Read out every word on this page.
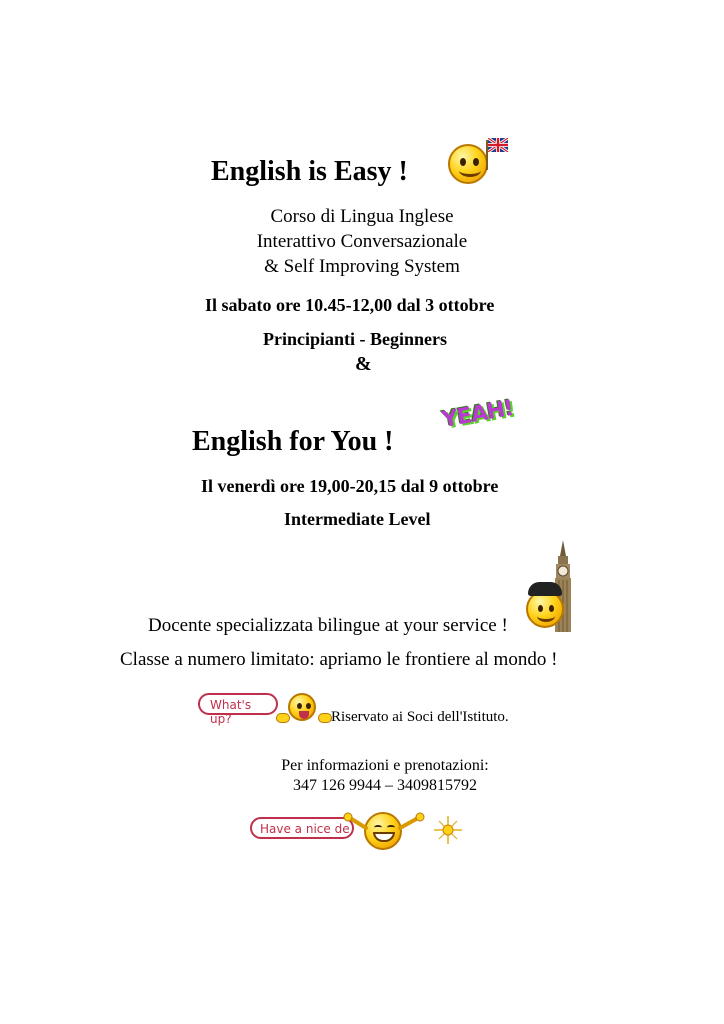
English is Easy !
Corso di Lingua Inglese
Interattivo Conversazionale
& Self Improving System
Il sabato ore 10.45-12,00 dal 3 ottobre
Principianti - Beginners
&
English for You !
YEAH!
Il venerdì ore 19,00-20,15 dal 9 ottobre
Intermediate Level
Docente specializzata bilingue at your service !
Classe a numero limitato: apriamo le frontiere al mondo !
What's up?	Riservato ai Soci dell'Istituto.
Per informazioni e prenotazioni:
347 126 9944 – 3409815792
Have a nice de
